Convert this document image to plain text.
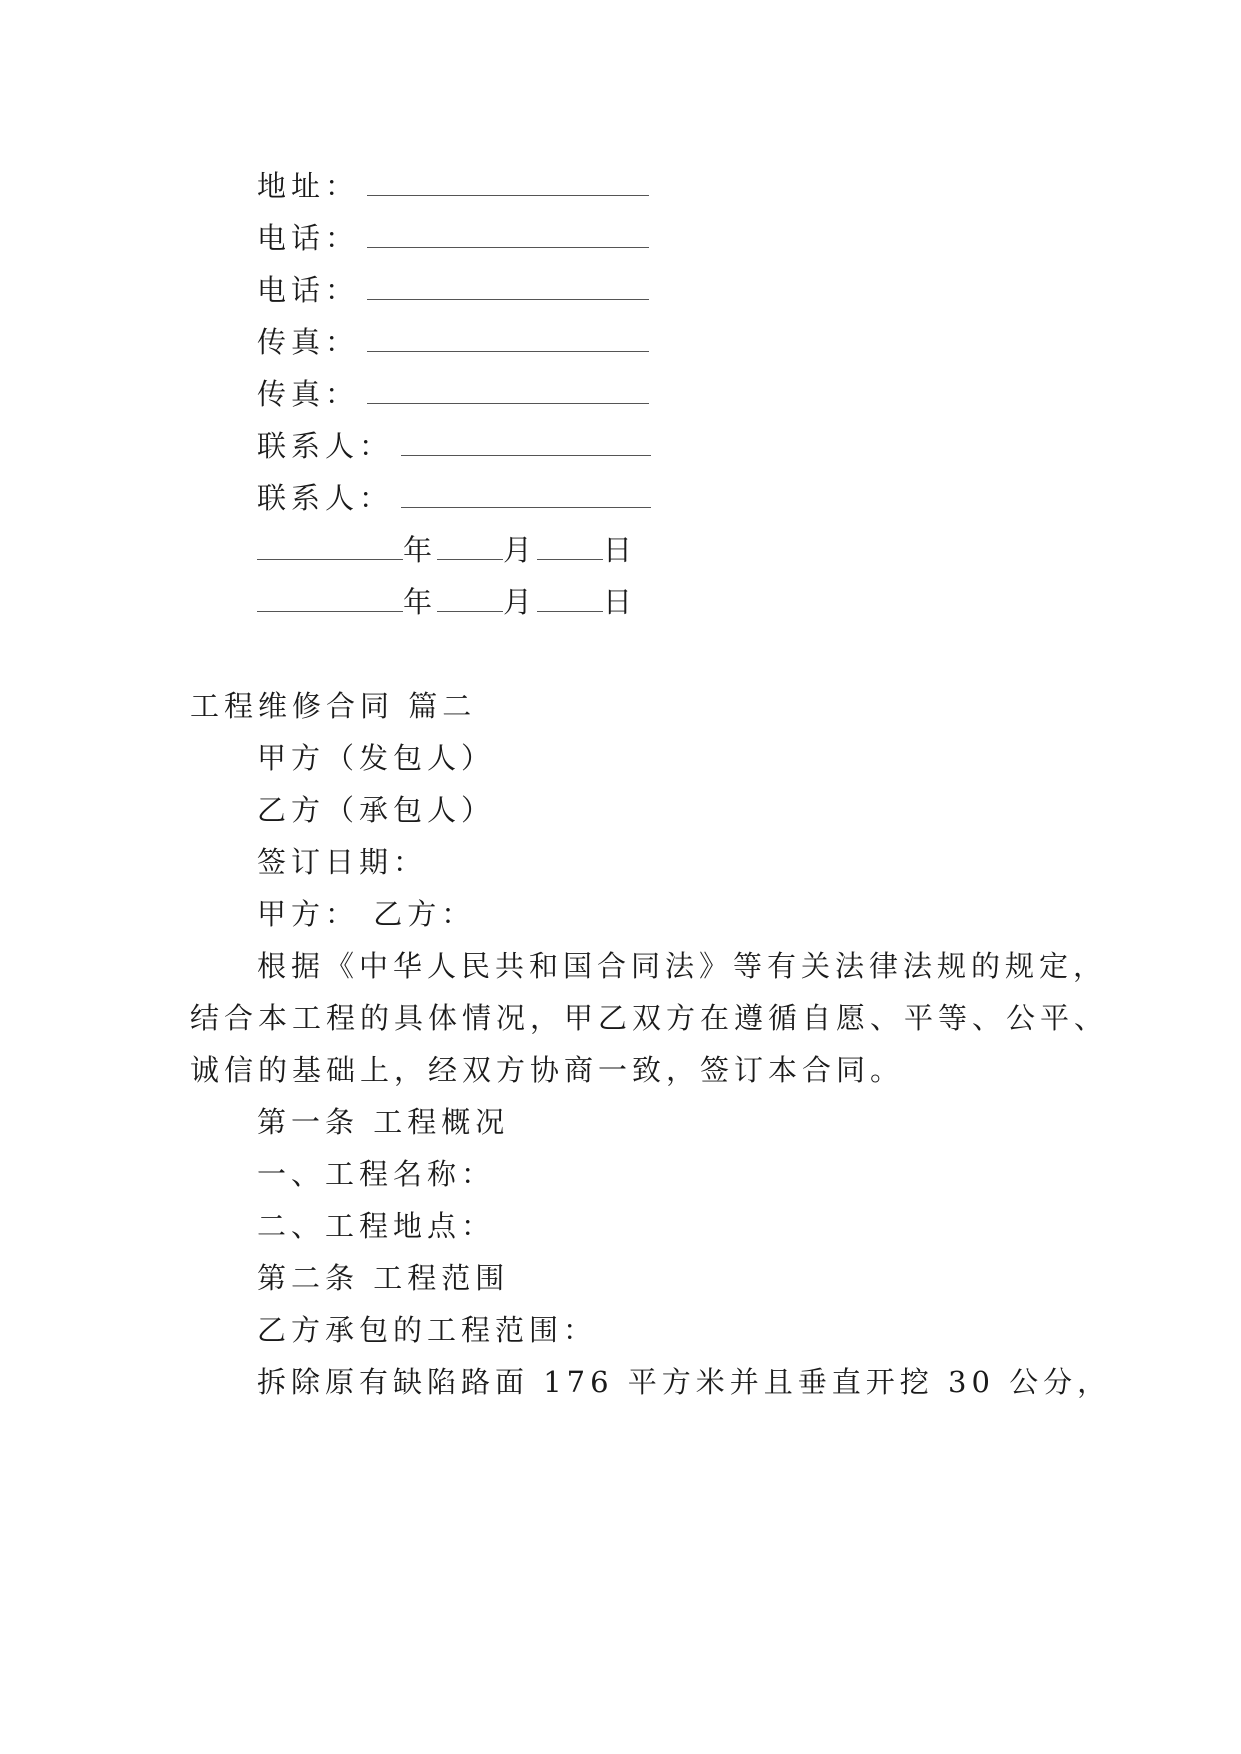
地址：
电话：
电话：
传真：
传真：
联系人：
联系人：
年 月 日
年 月 日
工程维修合同 篇二
甲方（发包人）
乙方（承包人）
签订日期：
甲方： 乙方：
根据《中华人民共和国合同法》等有关法律法规的规定，
结合本工程的具体情况，甲乙双方在遵循自愿、平等、公平、
诚信的基础上，经双方协商一致，签订本合同。
第一条 工程概况
一、工程名称：
二、工程地点：
第二条 工程范围
乙方承包的工程范围：
拆除原有缺陷路面 176 平方米并且垂直开挖 30 公分，
